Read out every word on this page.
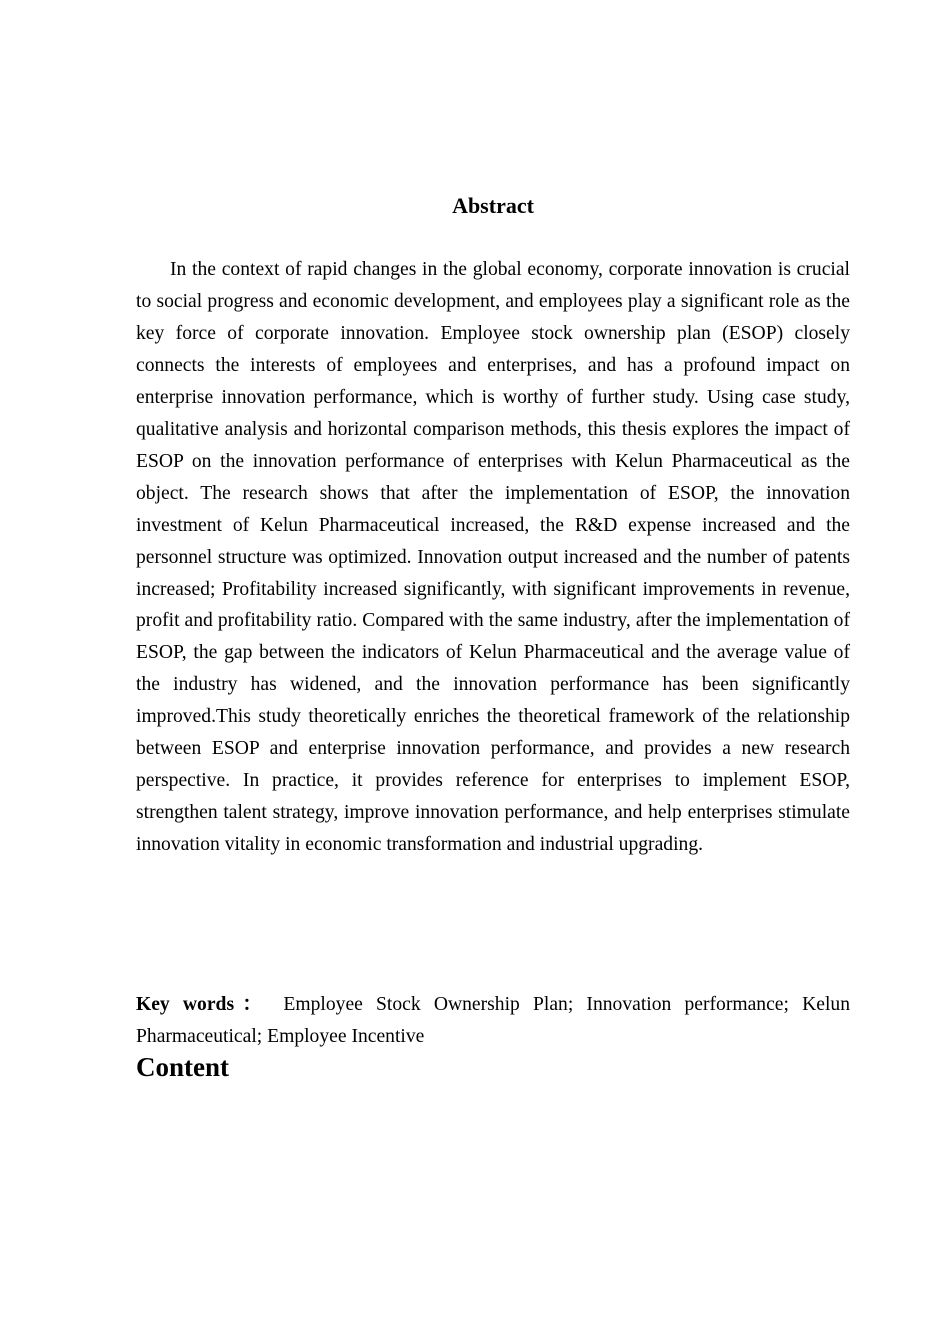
Abstract

In the context of rapid changes in the global economy, corporate innovation is crucial to social progress and economic development, and employees play a significant role as the key force of corporate innovation. Employee stock ownership plan (ESOP) closely connects the interests of employees and enterprises, and has a profound impact on enterprise innovation performance, which is worthy of further study. Using case study, qualitative analysis and horizontal comparison methods, this thesis explores the impact of ESOP on the innovation performance of enterprises with Kelun Pharmaceutical as the object. The research shows that after the implementation of ESOP, the innovation investment of Kelun Pharmaceutical increased, the R&D expense increased and the personnel structure was optimized. Innovation output increased and the number of patents increased; Profitability increased significantly, with significant improvements in revenue, profit and profitability ratio. Compared with the same industry, after the implementation of ESOP, the gap between the indicators of Kelun Pharmaceutical and the average value of the industry has widened, and the innovation performance has been significantly improved.This study theoretically enriches the theoretical framework of the relationship between ESOP and enterprise innovation performance, and provides a new research perspective. In practice, it provides reference for enterprises to implement ESOP, strengthen talent strategy, improve innovation performance, and help enterprises stimulate innovation vitality in economic transformation and industrial upgrading.

Key words： Employee Stock Ownership Plan; Innovation performance; Kelun Pharmaceutical; Employee Incentive

Content
